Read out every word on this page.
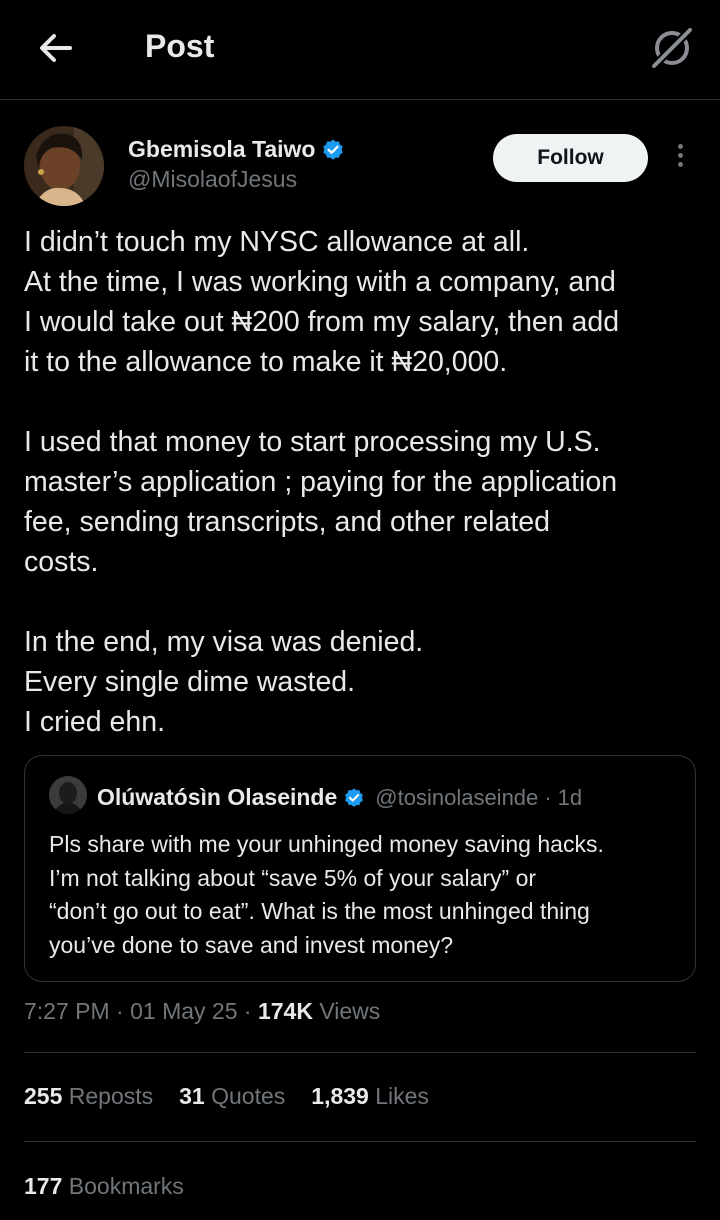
Post
Gbemisola Taiwo
@MisolaofJesus
Follow

I didn’t touch my NYSC allowance at all.

At the time, I was working with a company, and

I would take out ₦200 from my salary, then add

it to the allowance to make it ₦20,000.

I used that money to start processing my U.S.

master’s application ; paying for the application

fee, sending transcripts, and other related

costs.

In the end, my visa was denied.

Every single dime wasted.

I cried ehn.

Olúwatósìn Olaseinde @tosinolaseinde · 1d
Pls share with me your unhinged money saving hacks.
I’m not talking about “save 5% of your salary” or
“don’t go out to eat”. What is the most unhinged thing
you’ve done to save and invest money?
7:27 PM · 01 May 25 · 174K Views
255 Reposts 31 Quotes 1,839 Likes
177 Bookmarks
